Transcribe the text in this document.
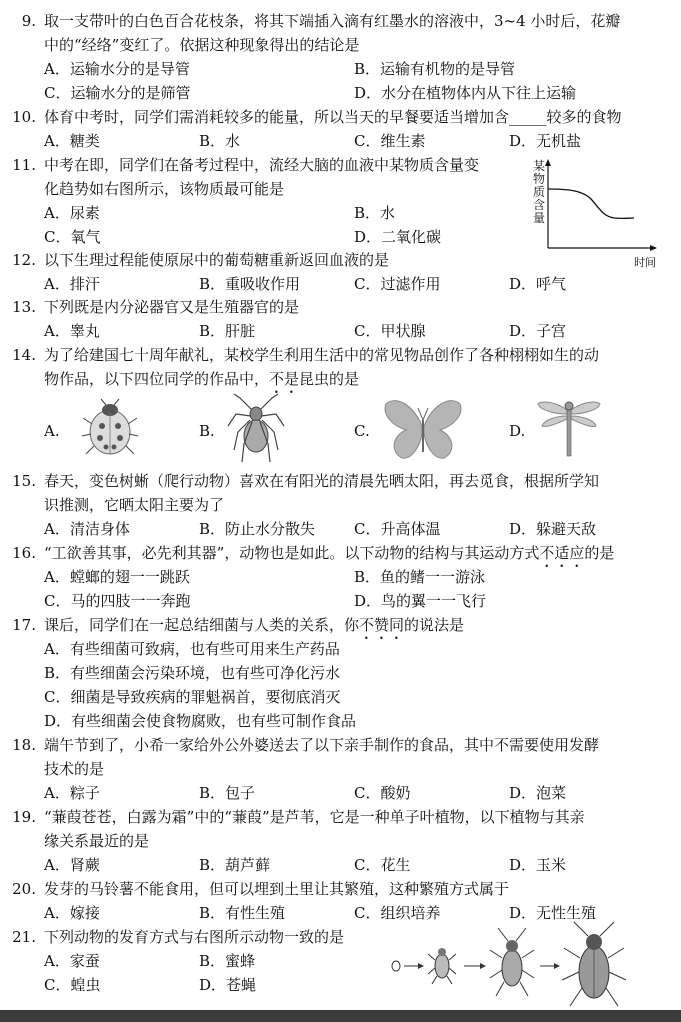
9. 取一支带叶的白色百合花枝条，将其下端插入滴有红墨水的溶液中，3~4 小时后，花瓣
中的“经络”变红了。依据这种现象得出的结论是
A．运输水分的是导管	B．运输有机物的是导管
C．运输水分的是筛管	D．水分在植物体内从下往上运输
10. 体育中考时，同学们需消耗较多的能量，所以当天的早餐要适当增加含_____较多的食物
A．糖类	B．水	C．维生素	D．无机盐
11. 中考在即，同学们在备考过程中，流经大脑的血液中某物质含量变
化趋势如右图所示，该物质最可能是
A．尿素	B．水
C．氧气	D．二氧化碳
某
物
质
含
量
时间
12. 以下生理过程能使原尿中的葡萄糖重新返回血液的是
A．排汗	B．重吸收作用	C．过滤作用	D．呼气
13. 下列既是内分泌器官又是生殖器官的是
A．睾丸	B．肝脏	C．甲状腺	D．子宫
14. 为了给建国七十周年献礼，某校学生利用生活中的常见物品创作了各种栩栩如生的动
物作品，以下四位同学的作品中，不是昆虫的是
A.	B.	C.	D.
15. 春天，变色树蜥（爬行动物）喜欢在有阳光的清晨先晒太阳，再去觅食，根据所学知
识推测，它晒太阳主要为了
A．清洁身体	B．防止水分散失	C．升高体温	D．躲避天敌
16. “工欲善其事，必先利其器”，动物也是如此。以下动物的结构与其运动方式不适应的是
A．螳螂的翅一一跳跃	B．鱼的鳍一一游泳
C．马的四肢一一奔跑	D．鸟的翼一一飞行
17. 课后，同学们在一起总结细菌与人类的关系，你不赞同的说法是
A．有些细菌可致病，也有些可用来生产药品
B．有些细菌会污染环境，也有些可净化污水
C．细菌是导致疾病的罪魁祸首，要彻底消灭
D．有些细菌会使食物腐败，也有些可制作食品
18. 端午节到了，小希一家给外公外婆送去了以下亲手制作的食品，其中不需要使用发酵
技术的是
A．粽子	B．包子	C．酸奶	D．泡菜
19. “蒹葭苍苍，白露为霜”中的“蒹葭”是芦苇，它是一种单子叶植物，以下植物与其亲
缘关系最近的是
A．肾蕨	B．葫芦藓	C．花生	D．玉米
20. 发芽的马铃薯不能食用，但可以埋到土里让其繁殖，这种繁殖方式属于
A．嫁接	B．有性生殖	C．组织培养	D．无性生殖
21. 下列动物的发育方式与右图所示动物一致的是
A．家蚕	B．蜜蜂
C．蝗虫	D．苍蝇
